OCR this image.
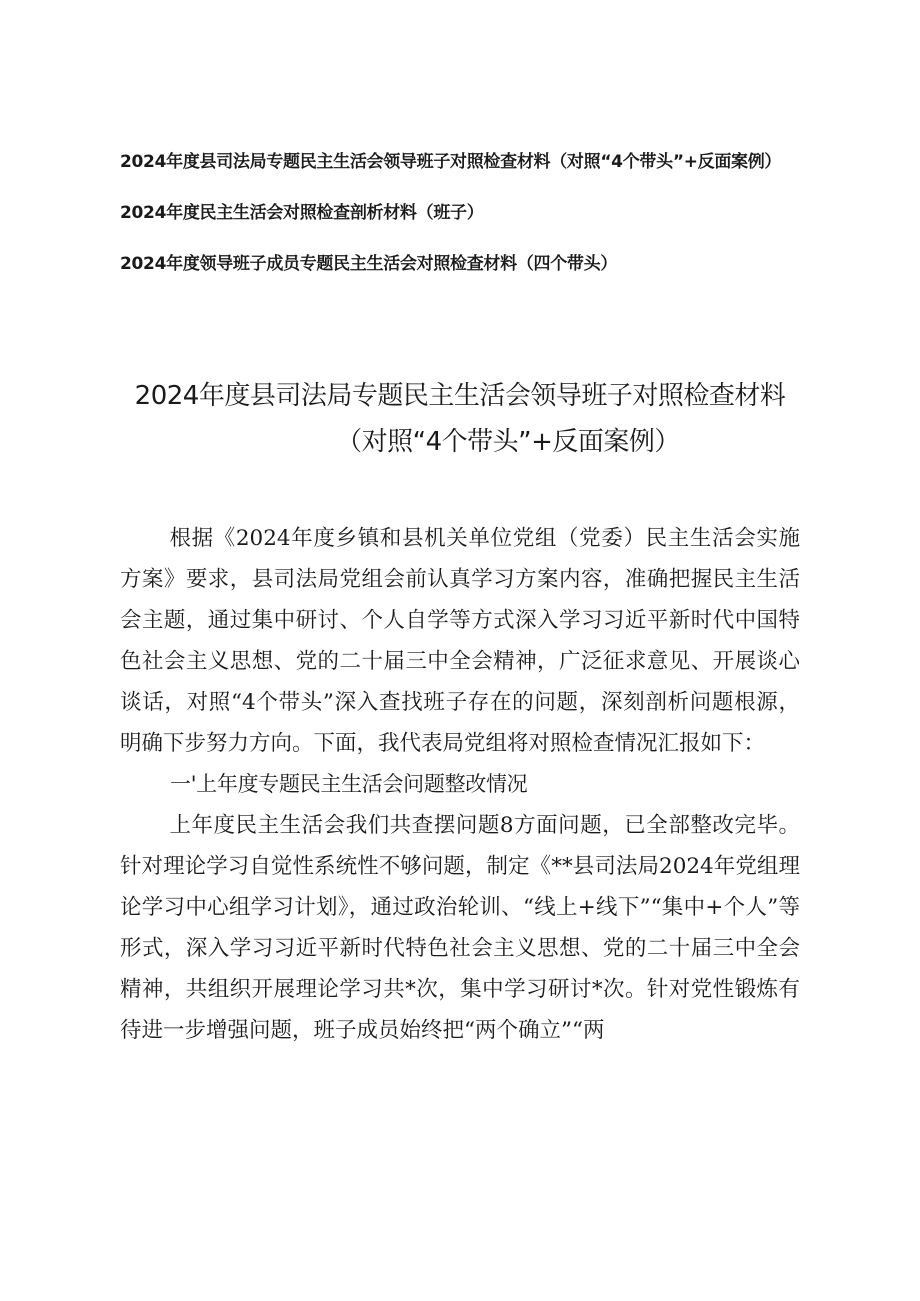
2024年度县司法局专题民主生活会领导班子对照检查材料（对照“4个带头”+反面案例）
2024年度民主生活会对照检查剖析材料（班子）
2024年度领导班子成员专题民主生活会对照检查材料（四个带头）
2024年度县司法局专题民主生活会领导班子对照检查材料
（对照“4个带头”+反面案例）

根据《2024年度乡镇和县机关单位党组（党委）民主生活会实施方案》要求，县司法局党组会前认真学习方案内容，准确把握民主生活会主题，通过集中研讨、个人自学等方式深入学习习近平新时代中国特色社会主义思想、党的二十届三中全会精神，广泛征求意见、开展谈心谈话，对照“4个带头”深入查找班子存在的问题，深刻剖析问题根源，明确下步努力方向。下面，我代表局党组将对照检查情况汇报如下：

一'上年度专题民主生活会问题整改情况

上年度民主生活会我们共查摆问题8方面问题，已全部整改完毕。针对理论学习自觉性系统性不够问题，制定《**县司法局2024年党组理论学习中心组学习计划》，通过政治轮训、“线上+线下”“集中+个人”等形式，深入学习习近平新时代特色社会主义思想、党的二十届三中全会精神，共组织开展理论学习共*次，集中学习研讨*次。针对党性锻炼有待进一步增强问题，班子成员始终把“两个确立”“两
